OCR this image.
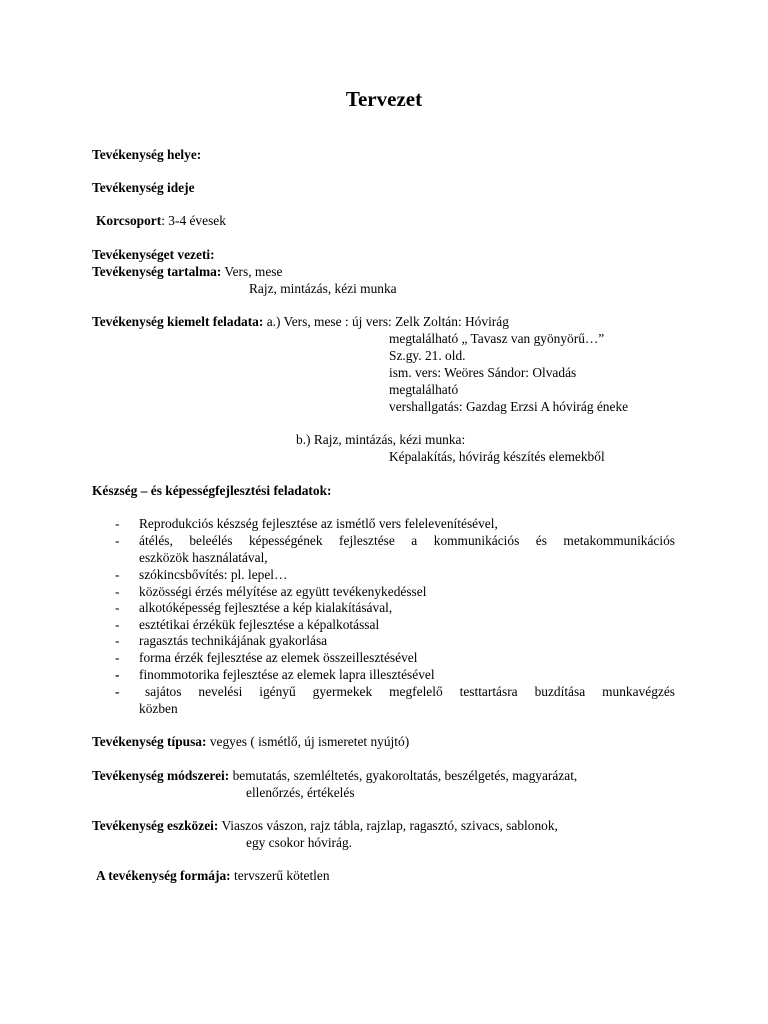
Tervezet
Tevékenység helye:
Tevékenység ideje
Korcsoport: 3-4 évesek
Tevékenységet vezeti:
Tevékenység tartalma: Vers, mese
Rajz, mintázás, kézi munka
Tevékenység kiemelt feladata: a.) Vers, mese : új vers: Zelk Zoltán: Hóvirág
megtalálható „ Tavasz van gyönyörű…”
Sz.gy. 21. old.
ism. vers: Weöres Sándor: Olvadás
megtalálható
vershallgatás: Gazdag Erzsi A hóvirág éneke
b.) Rajz, mintázás, kézi munka:
Képalakítás, hóvirág készítés elemekből
Készség – és képességfejlesztési feladatok:
- Reprodukciós készség fejlesztése az ismétlő vers felelevenítésével,
- átélés, beleélés képességének fejlesztése a kommunikációs és metakommunikációs
eszközök használatával,
- szókincsbővítés: pl. lepel…
- közösségi érzés mélyítése az együtt tevékenykedéssel
- alkotóképesség fejlesztése a kép kialakításával,
- esztétikai érzékük fejlesztése a képalkotással
- ragasztás technikájának gyakorlása
- forma érzék fejlesztése az elemek összeillesztésével
- finommotorika fejlesztése az elemek lapra illesztésével
- sajátos nevelési igényű gyermekek megfelelő testtartásra buzdítása munkavégzés
közben
Tevékenység típusa: vegyes ( ismétlő, új ismeretet nyújtó)
Tevékenység módszerei: bemutatás, szemléltetés, gyakoroltatás, beszélgetés, magyarázat,
ellenőrzés, értékelés
Tevékenység eszközei: Viaszos vászon, rajz tábla, rajzlap, ragasztó, szivacs, sablonok,
egy csokor hóvirág.
A tevékenység formája: tervszerű kötetlen
